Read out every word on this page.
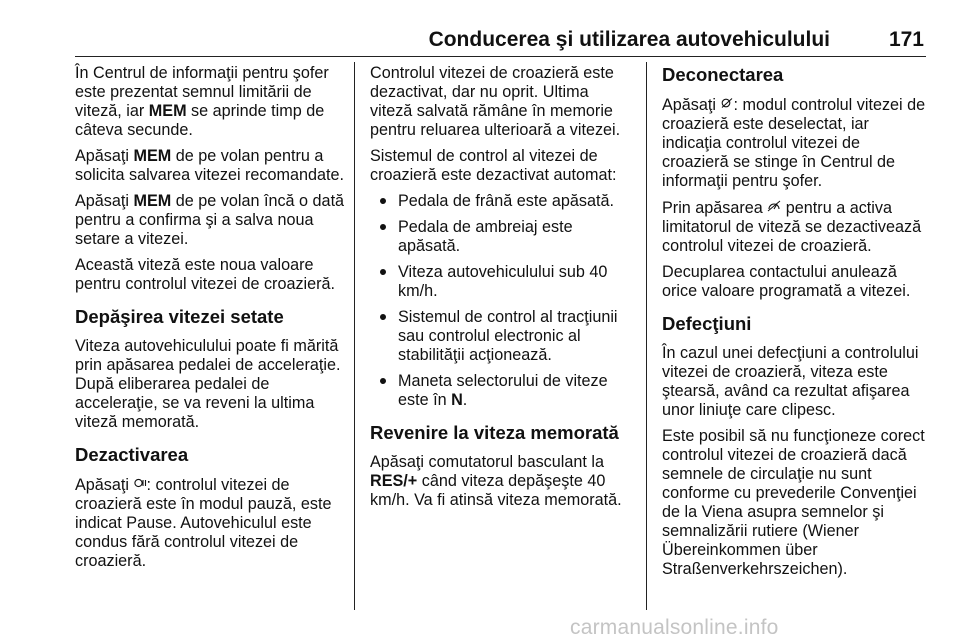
Conducerea şi utilizarea autovehiculului	171

În Centrul de informaţii pentru şofer este prezentat semnul limitării de viteză, iar MEM se aprinde timp de câteva secunde.

Apăsaţi MEM de pe volan pentru a solicita salvarea vitezei recomandate.

Apăsaţi MEM de pe volan încă o dată pentru a confirma şi a salva noua setare a vitezei.

Această viteză este noua valoare pentru controlul vitezei de croazieră.

Depăşirea vitezei setate

Viteza autovehiculului poate fi mărită prin apăsarea pedalei de acceleraţie. După eliberarea pedalei de acceleraţie, se va reveni la ultima viteză memorată.

Dezactivarea

Apăsaţi : controlul vitezei de croazieră este în modul pauză, este indicat Pause. Autovehiculul este condus fără controlul vitezei de croazieră.

Controlul vitezei de croazieră este dezactivat, dar nu oprit. Ultima viteză salvată rămâne în memorie pentru reluarea ulterioară a vitezei.

Sistemul de control al vitezei de croazieră este dezactivat automat:

Pedala de frână este apăsată.
Pedala de ambreiaj este apăsată.
Viteza autovehiculului sub 40 km/h.
Sistemul de control al tracţiunii sau controlul electronic al stabilităţii acţionează.
Maneta selectorului de viteze este în N.
Revenire la viteza memorată

Apăsaţi comutatorul basculant la RES/+ când viteza depăşeşte 40 km/h. Va fi atinsă viteza memorată.

Deconectarea

Apăsaţi : modul controlul vitezei de croazieră este deselectat, iar indicaţia controlul vitezei de croazieră se stinge în Centrul de informaţii pentru şofer.

Prin apăsarea  pentru a activa limitatorul de viteză se dezactivează controlul vitezei de croazieră.

Decuplarea contactului anulează orice valoare programată a vitezei.

Defecţiuni

În cazul unei defecţiuni a controlului vitezei de croazieră, viteza este ştearsă, având ca rezultat afişarea unor liniuţe care clipesc.

Este posibil să nu funcţioneze corect controlul vitezei de croazieră dacă semnele de circulaţie nu sunt conforme cu prevederile Convenţiei de la Viena asupra semnelor şi semnalizării rutiere (Wiener Übereinkommen über Straßenverkehrszeichen).

carmanualsonline.info
